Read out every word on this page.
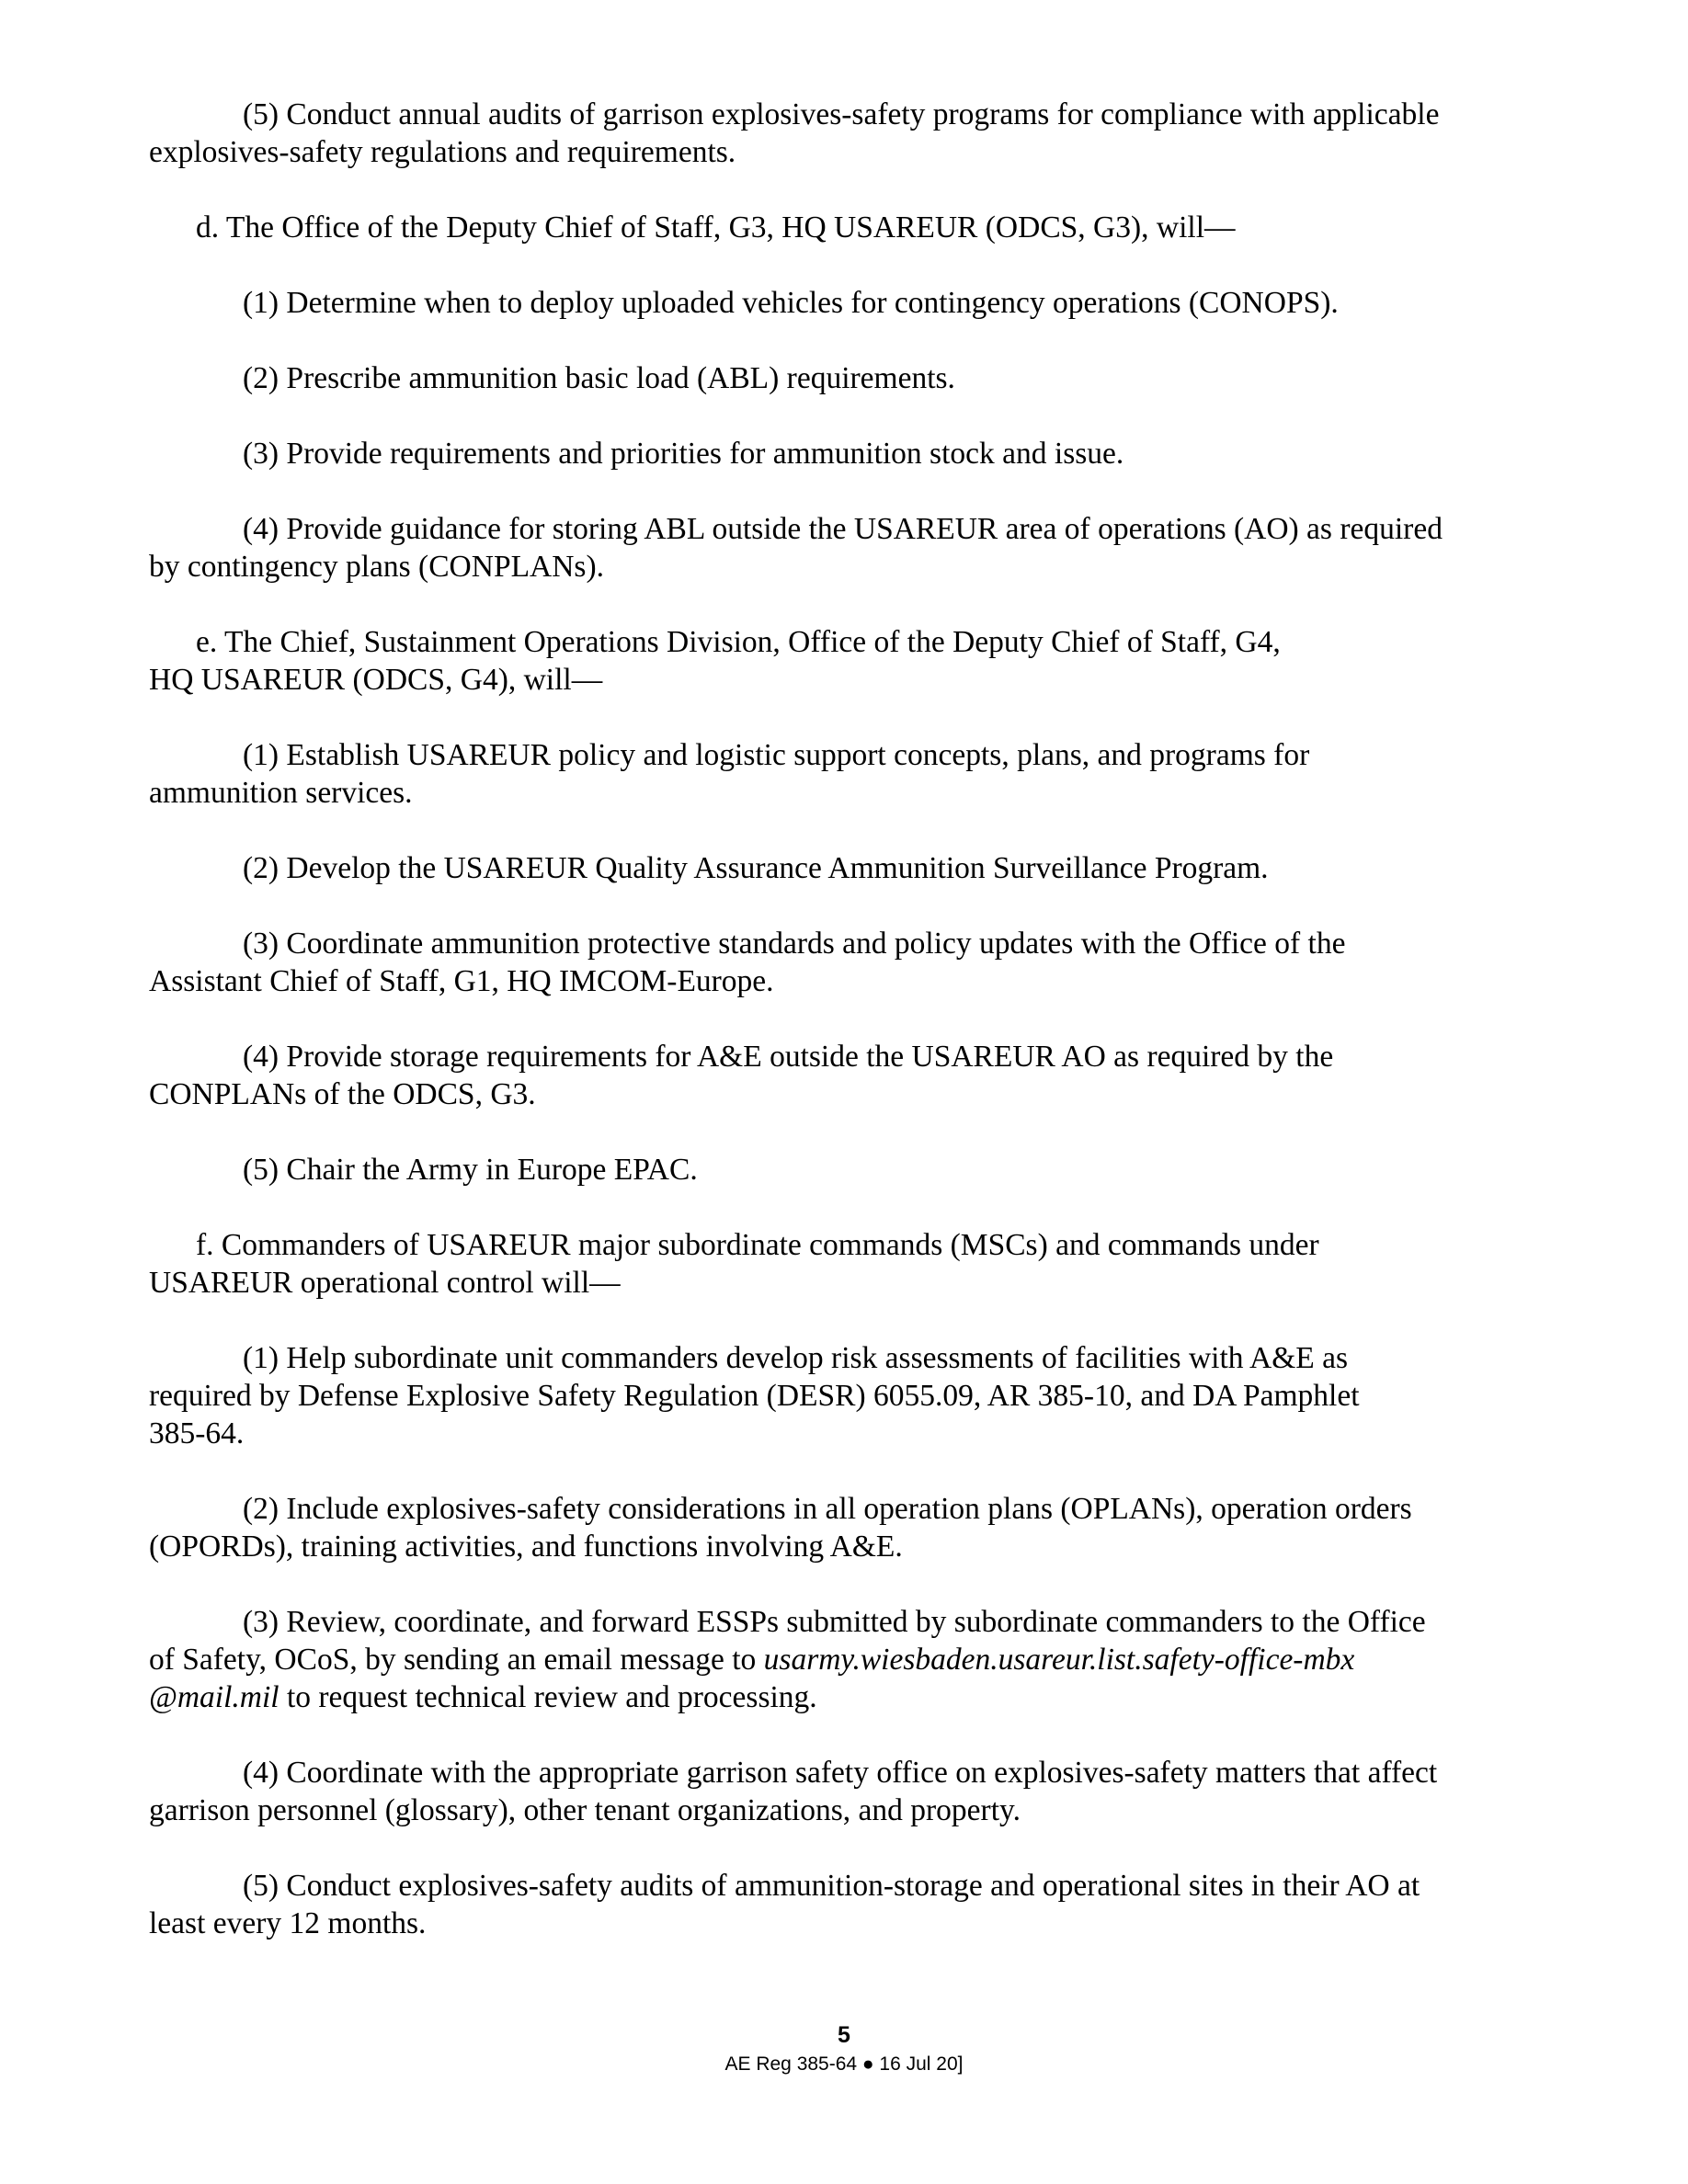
(5) Conduct annual audits of garrison explosives-safety programs for compliance with applicable
explosives-safety regulations and requirements.

d. The Office of the Deputy Chief of Staff, G3, HQ USAREUR (ODCS, G3), will—

(1) Determine when to deploy uploaded vehicles for contingency operations (CONOPS).

(2) Prescribe ammunition basic load (ABL) requirements.

(3) Provide requirements and priorities for ammunition stock and issue.

(4) Provide guidance for storing ABL outside the USAREUR area of operations (AO) as required
by contingency plans (CONPLANs).

e. The Chief, Sustainment Operations Division, Office of the Deputy Chief of Staff, G4,
HQ USAREUR (ODCS, G4), will—

(1) Establish USAREUR policy and logistic support concepts, plans, and programs for
ammunition services.

(2) Develop the USAREUR Quality Assurance Ammunition Surveillance Program.

(3) Coordinate ammunition protective standards and policy updates with the Office of the
Assistant Chief of Staff, G1, HQ IMCOM-Europe.

(4) Provide storage requirements for A&E outside the USAREUR AO as required by the
CONPLANs of the ODCS, G3.

(5) Chair the Army in Europe EPAC.

f. Commanders of USAREUR major subordinate commands (MSCs) and commands under
USAREUR operational control will—

(1) Help subordinate unit commanders develop risk assessments of facilities with A&E as
required by Defense Explosive Safety Regulation (DESR) 6055.09, AR 385-10, and DA Pamphlet
385-64.

(2) Include explosives-safety considerations in all operation plans (OPLANs), operation orders
(OPORDs), training activities, and functions involving A&E.

(3) Review, coordinate, and forward ESSPs submitted by subordinate commanders to the Office
of Safety, OCoS, by sending an email message to usarmy.wiesbaden.usareur.list.safety-office-mbx
@mail.mil to request technical review and processing.

(4) Coordinate with the appropriate garrison safety office on explosives-safety matters that affect
garrison personnel (glossary), other tenant organizations, and property.

(5) Conduct explosives-safety audits of ammunition-storage and operational sites in their AO at
least every 12 months.

5
AE Reg 385-64 ● 16 Jul 20]
